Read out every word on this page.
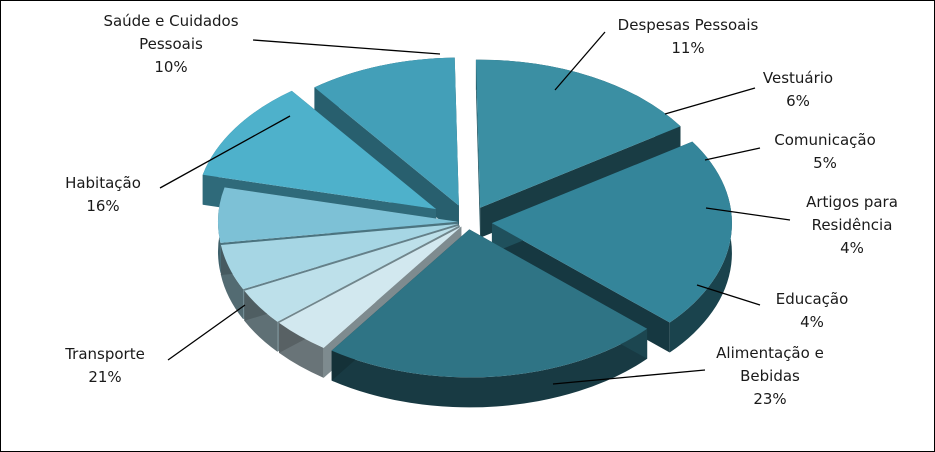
Alimentação e
Bebidas
23%
Transporte
21%
Habitação
16%
Saúde e Cuidados
Pessoais
10%
Despesas Pessoais
11%
Vestuário
6%
Comunicação
5%
Artigos para
Residência
4%
Educação
4%
